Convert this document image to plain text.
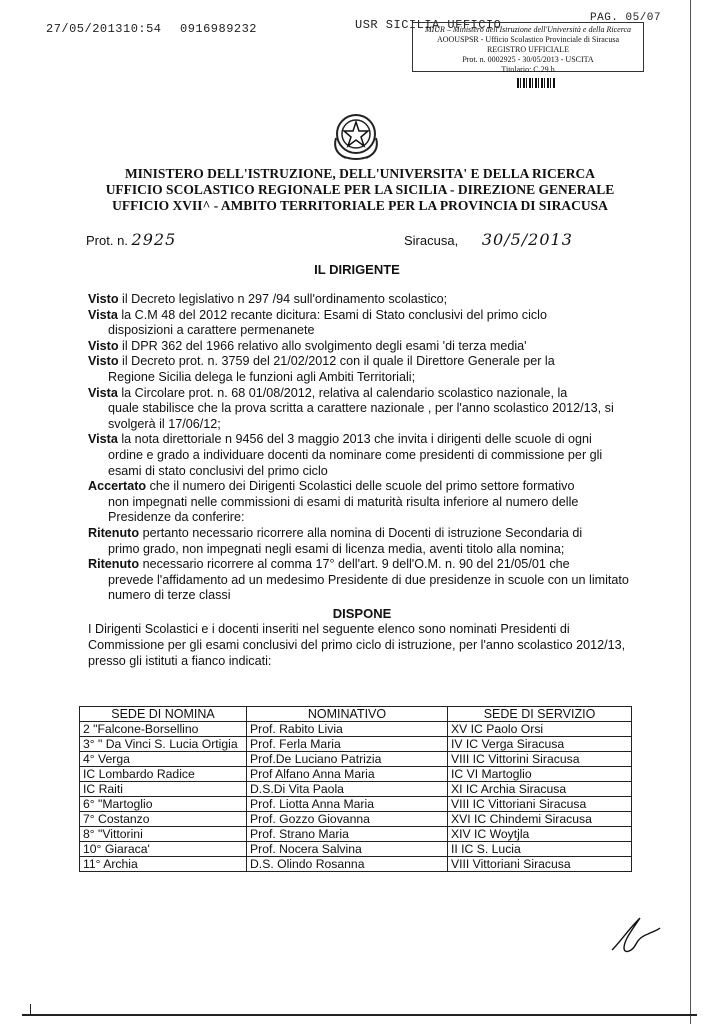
27/05/2013 10:54 0916989232	USR SICILIA UFFICIO	PAG. 05/07
MIUR – Ministero dell'Istruzione dell'Università e della Ricerca
AOOUSPSR - Ufficio Scolastico Provinciale di Siracusa
REGISTRO UFFICIALE
Prot. n. 0002925 - 30/05/2013 - USCITA
Titolario: C.29.b
MINISTERO DELL'ISTRUZIONE, DELL'UNIVERSITA' E DELLA RICERCA
UFFICIO SCOLASTICO REGIONALE PER LA SICILIA - DIREZIONE GENERALE
UFFICIO XVII^ - AMBITO TERRITORIALE PER LA PROVINCIA DI SIRACUSA
Prot. n. 2925	Siracusa, 30/5/2013
IL DIRIGENTE
Visto il Decreto legislativo n 297 /94 sull'ordinamento scolastico;
Vista la C.M 48 del 2012 recante dicitura: Esami di Stato conclusivi del primo ciclo
disposizioni a carattere permenanete
Visto il DPR 362 del 1966 relativo allo svolgimento degli esami 'di terza media'
Visto il Decreto prot. n. 3759 del 21/02/2012 con il quale il Direttore Generale per la
Regione Sicilia delega le funzioni agli Ambiti Territoriali;
Vista la Circolare prot. n. 68 01/08/2012, relativa al calendario scolastico nazionale, la
quale stabilisce che la prova scritta a carattere nazionale , per l'anno scolastico 2012/13, si svolgerà il 17/06/12;
Vista la nota direttoriale n 9456 del 3 maggio 2013 che invita i dirigenti delle scuole di ogni
ordine e grado a individuare docenti da nominare come presidenti di commissione per gli esami di stato conclusivi del primo ciclo
Accertato che il numero dei Dirigenti Scolastici delle scuole del primo settore formativo
non impegnati nelle commissioni di esami di maturità risulta inferiore al numero delle Presidenze da conferire:
Ritenuto pertanto necessario ricorrere alla nomina di Docenti di istruzione Secondaria di
primo grado, non impegnati negli esami di licenza media, aventi titolo alla nomina;
Ritenuto necessario ricorrere al comma 17° dell'art. 9 dell'O.M. n. 90 del 21/05/01 che
prevede l'affidamento ad un medesimo Presidente di due presidenze in scuole con un limitato numero di terze classi
DISPONE
I Dirigenti Scolastici e i docenti inseriti nel seguente elenco sono nominati Presidenti di Commissione per gli esami conclusivi del primo ciclo di istruzione, per l'anno scolastico 2012/13, presso gli istituti a fianco indicati:
SEDE DI NOMINA	NOMINATIVO	SEDE DI SERVIZIO
2 "Falcone-Borsellino	Prof. Rabito Livia	XV IC Paolo Orsi
3° " Da Vinci S. Lucia Ortigia	Prof. Ferla Maria	IV IC Verga Siracusa
4° Verga	Prof.De Luciano Patrizia	VIII IC Vittorini Siracusa
IC Lombardo Radice	Prof Alfano Anna Maria	IC VI Martoglio
IC Raiti	D.S.Di Vita Paola	XI IC Archia Siracusa
6° "Martoglio	Prof. Liotta Anna Maria	VIII IC Vittoriani Siracusa
7° Costanzo	Prof. Gozzo Giovanna	XVI IC Chindemi Siracusa
8° "Vittorini	Prof. Strano Maria	XIV IC Woytjla
10° Giaraca'	Prof. Nocera Salvina	II IC S. Lucia
11° Archia	D.S. Olindo Rosanna	VIII Vittoriani Siracusa
